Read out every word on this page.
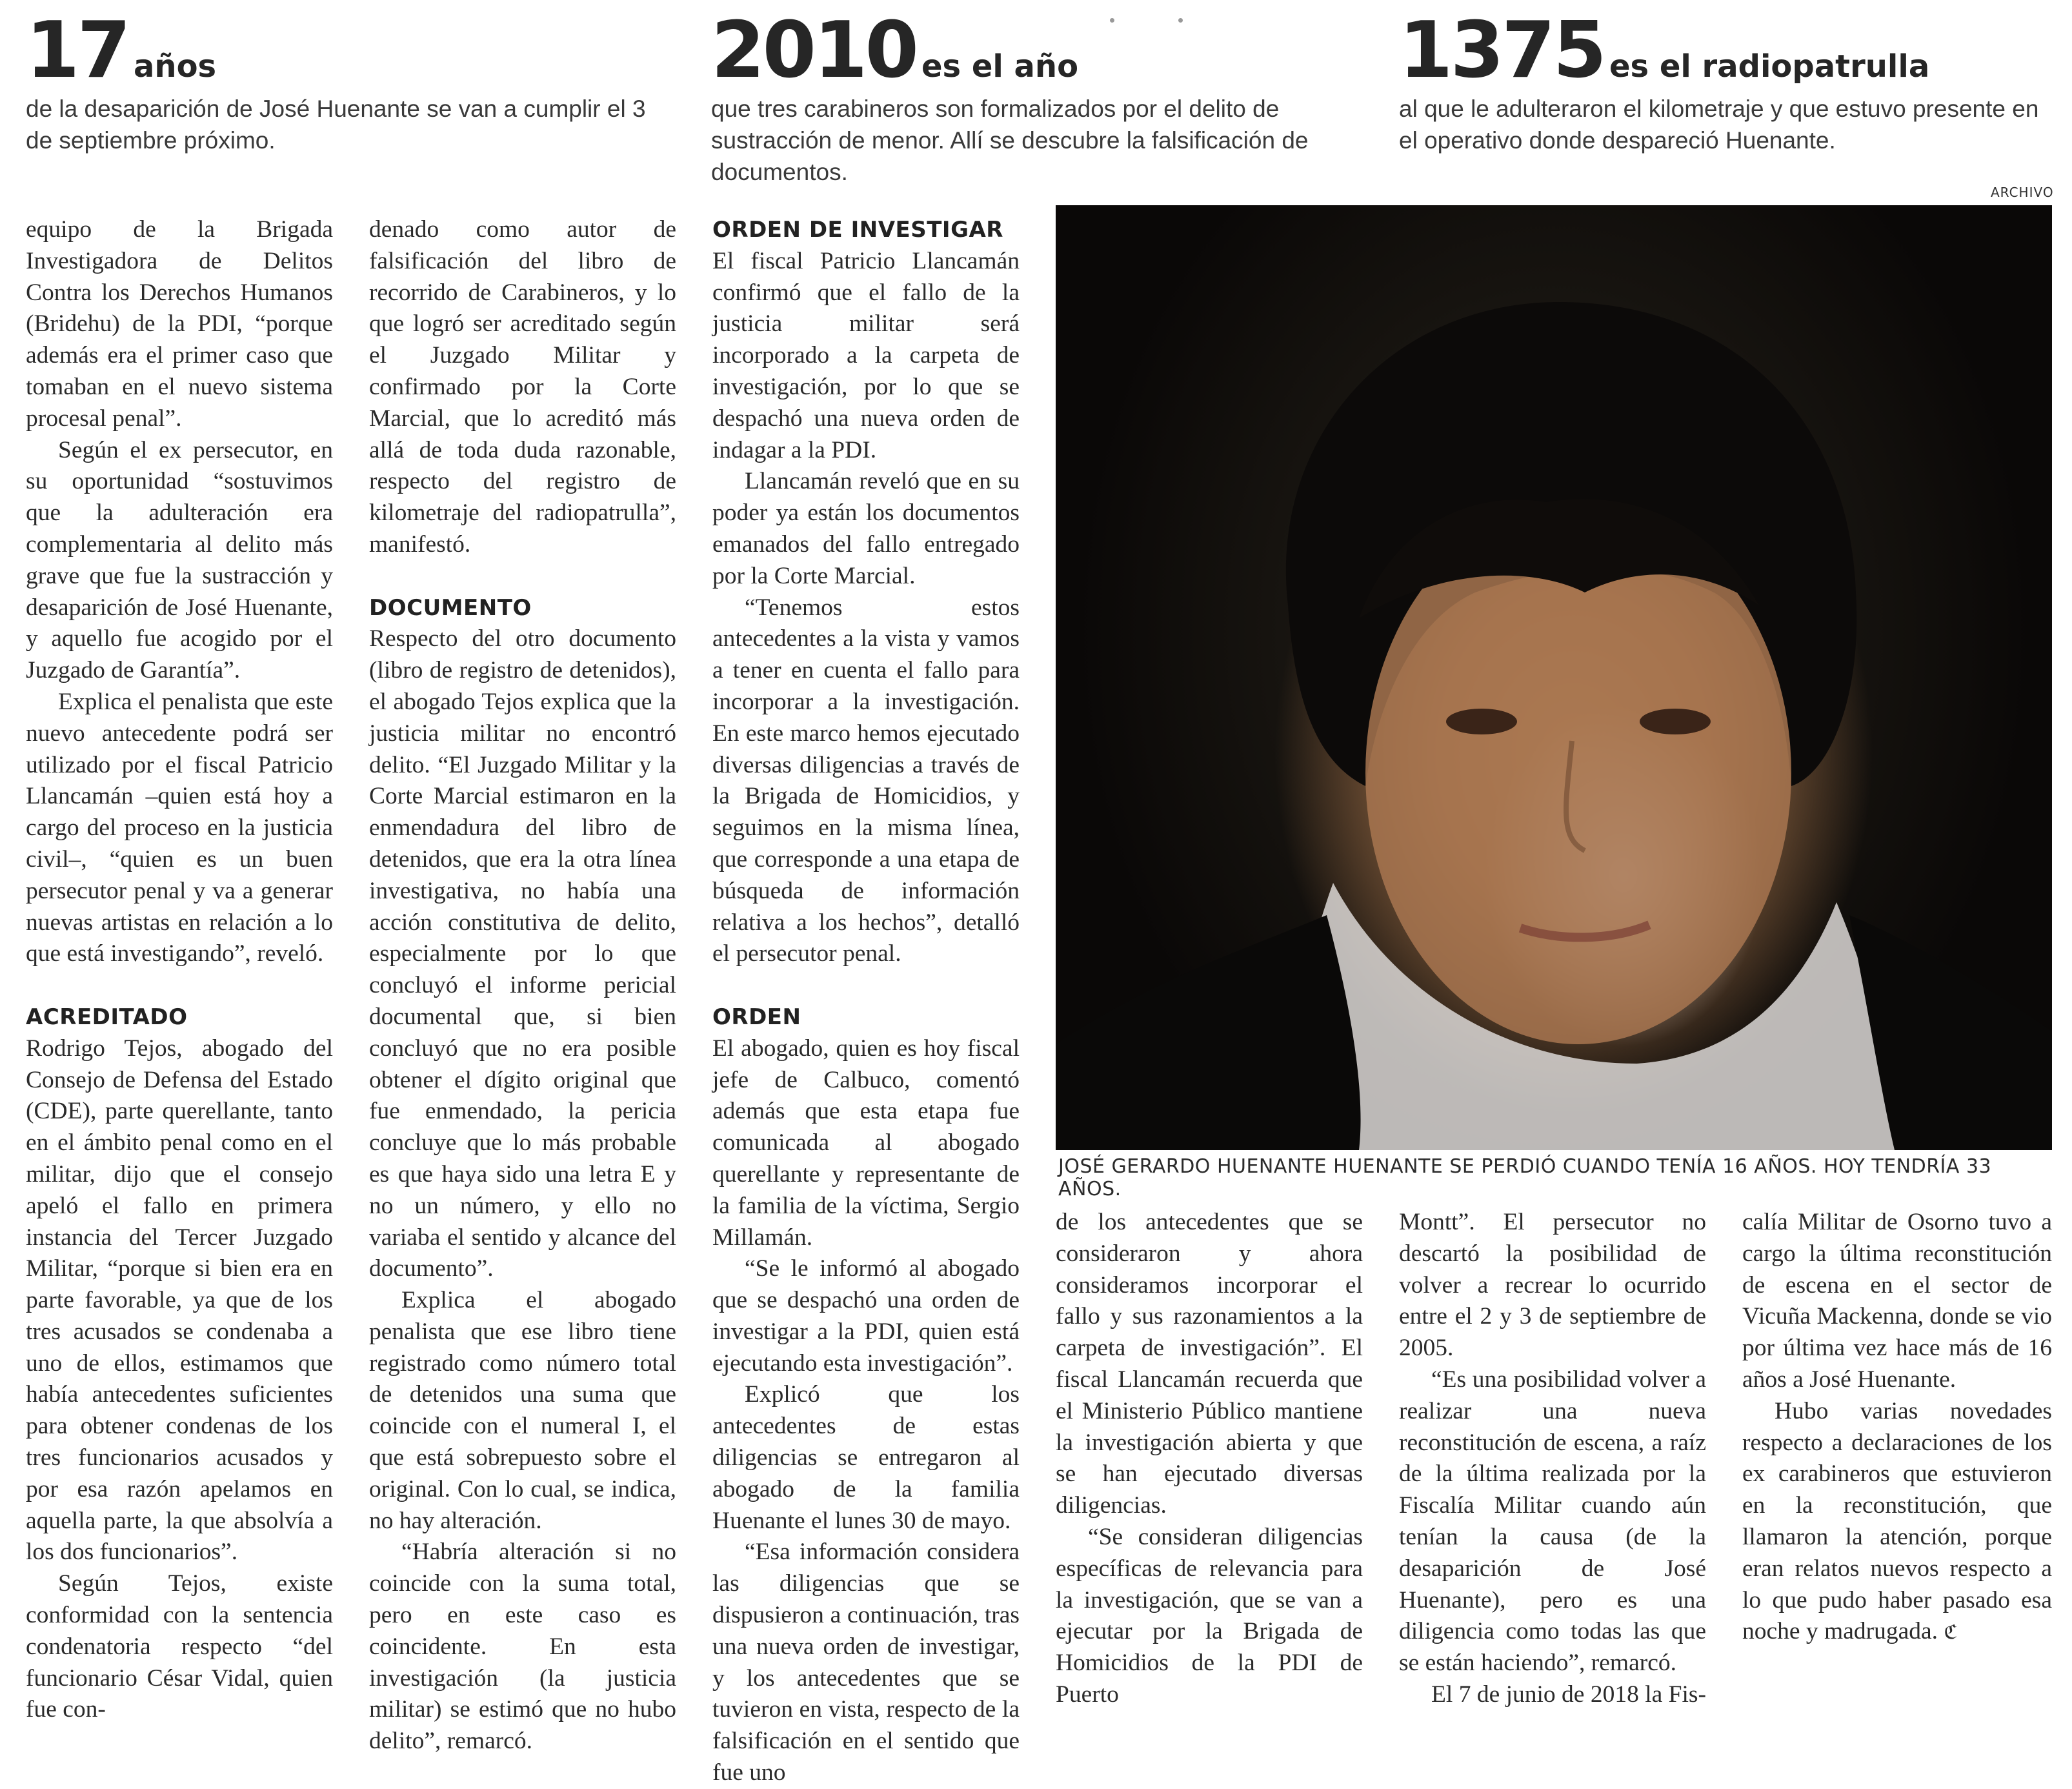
17 años
de la desaparición de José Huenante se van a cumplir el 3 de septiembre próximo.
2010 es el año
que tres carabineros son formalizados por el delito de sustracción de menor. Allí se descubre la falsificación de documentos.
1375 es el radiopatrulla
al que le adulteraron el kilometraje y que estuvo presente en el operativo donde despareció Huenante.

equipo de la Brigada Investigadora de Delitos Contra los Derechos Humanos (Bridehu) de la PDI, “porque además era el primer caso que tomaban en el nuevo sistema procesal penal”.

Según el ex persecutor, en su oportunidad “sostuvimos que la adulteración era complementaria al delito más grave que fue la sustracción y desaparición de José Huenante, y aquello fue acogido por el Juzgado de Garantía”.

Explica el penalista que este nuevo antecedente podrá ser utilizado por el fiscal Patricio Llancamán –quien está hoy a cargo del proceso en la justicia civil–, “quien es un buen persecutor penal y va a generar nuevas artistas en relación a lo que está investigando”, reveló.

ACREDITADO

Rodrigo Tejos, abogado del Consejo de Defensa del Estado (CDE), parte querellante, tanto en el ámbito penal como en el militar, dijo que el consejo apeló el fallo en primera instancia del Tercer Juzgado Militar, “porque si bien era en parte favorable, ya que de los tres acusados se condenaba a uno de ellos, estimamos que había antecedentes suficientes para obtener condenas de los tres funcionarios acusados y por esa razón apelamos en aquella parte, la que absolvía a los dos funcionarios”.

Según Tejos, existe conformidad con la sentencia condenatoria respecto “del funcionario César Vidal, quien fue con-

denado como autor de falsificación del libro de recorrido de Carabineros, y lo que logró ser acreditado según el Juzgado Militar y confirmado por la Corte Marcial, que lo acreditó más allá de toda duda razonable, respecto del registro de kilometraje del radiopatrulla”, manifestó.

DOCUMENTO

Respecto del otro documento (libro de registro de detenidos), el abogado Tejos explica que la justicia militar no encontró delito. “El Juzgado Militar y la Corte Marcial estimaron en la enmendadura del libro de detenidos, que era la otra línea investigativa, no había una acción constitutiva de delito, especialmente por lo que concluyó el informe pericial documental que, si bien concluyó que no era posible obtener el dígito original que fue enmendado, la pericia concluye que lo más probable es que haya sido una letra E y no un número, y ello no variaba el sentido y alcance del documento”.

Explica el abogado penalista que ese libro tiene registrado como número total de detenidos una suma que coincide con el numeral I, el que está sobrepuesto sobre el original. Con lo cual, se indica, no hay alteración.

“Habría alteración si no coincide con la suma total, pero en este caso es coincidente. En esta investigación (la justicia militar) se estimó que no hubo delito”, remarcó.

ORDEN DE INVESTIGAR

El fiscal Patricio Llancamán confirmó que el fallo de la justicia militar será incorporado a la carpeta de investigación, por lo que se despachó una nueva orden de indagar a la PDI.

Llancamán reveló que en su poder ya están los documentos emanados del fallo entregado por la Corte Marcial.

“Tenemos estos antecedentes a la vista y vamos a tener en cuenta el fallo para incorporar a la investigación. En este marco hemos ejecutado diversas diligencias a través de la Brigada de Homicidios, y seguimos en la misma línea, que corresponde a una etapa de búsqueda de información relativa a los hechos”, detalló el persecutor penal.

ORDEN

El abogado, quien es hoy fiscal jefe de Calbuco, comentó además que esta etapa fue comunicada al abogado querellante y representante de la familia de la víctima, Sergio Millamán.

“Se le informó al abogado que se despachó una orden de investigar a la PDI, quien está ejecutando esta investigación”.

Explicó que los antecedentes de estas diligencias se entregaron al abogado de la familia Huenante el lunes 30 de mayo.

“Esa información considera las diligencias que se dispusieron a continuación, tras una nueva orden de investigar, y los antecedentes que se tuvieron en vista, respecto de la falsificación en el sentido que fue uno

ARCHIVO
JOSÉ GERARDO HUENANTE HUENANTE SE PERDIÓ CUANDO TENÍA 16 AÑOS. HOY TENDRÍA 33 AÑOS.

de los antecedentes que se consideraron y ahora consideramos incorporar el fallo y sus razonamientos a la carpeta de investigación”. El fiscal Llancamán recuerda que el Ministerio Público mantiene la investigación abierta y que se han ejecutado diversas diligencias.

“Se consideran diligencias específicas de relevancia para la investigación, que se van a ejecutar por la Brigada de Homicidios de la PDI de Puerto

Montt”. El persecutor no descartó la posibilidad de volver a recrear lo ocurrido entre el 2 y 3 de septiembre de 2005.

“Es una posibilidad volver a realizar una nueva reconstitución de escena, a raíz de la última realizada por la Fiscalía Militar cuando aún tenían la causa (de la desaparición de José Huenante), pero es una diligencia como todas las que se están haciendo”, remarcó.

El 7 de junio de 2018 la Fis-

calía Militar de Osorno tuvo a cargo la última reconstitución de escena en el sector de Vicuña Mackenna, donde se vio por última vez hace más de 16 años a José Huenante.

Hubo varias novedades respecto a declaraciones de los ex carabineros que estuvieron en la reconstitución, que llamaron la atención, porque eran relatos nuevos respecto a lo que pudo haber pasado esa noche y madrugada. ℭ
